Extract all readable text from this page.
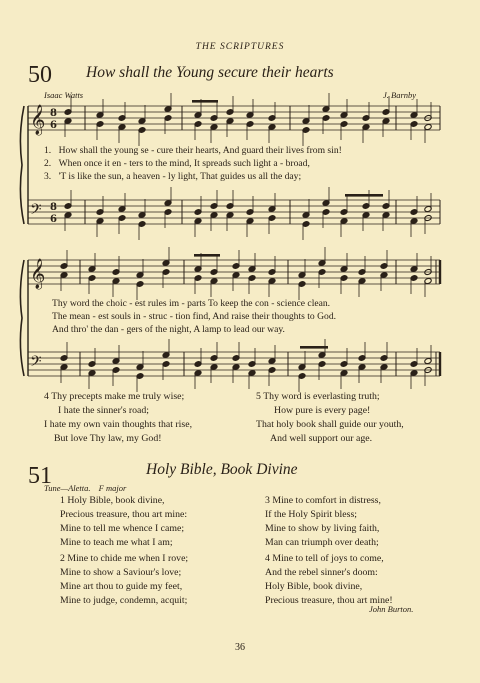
THE SCRIPTURES
50 How shall the Young secure their hearts
Isaac Watts	J. Barnby
𝄞
𝄞
𝄢
𝄢
8
6
8
6
1. How shall the young se - cure their hearts, And guard their lives from sin!
2. When once it en - ters to the mind, It spreads such light a - broad,
3. 'T is like the sun, a heaven - ly light, That guides us all the day;
Thy word the choic - est rules im - parts To keep the con - science clean.
The mean - est souls in - struc - tion find, And raise their thoughts to God.
And thro' the dan - gers of the night, A lamp to lead our way.
4 Thy precepts make me truly wise;
I hate the sinner's road;
I hate my own vain thoughts that rise,
But love Thy law, my God!
5 Thy word is everlasting truth;
How pure is every page!
That holy book shall guide our youth,
And well support our age.
51	Holy Bible, Book Divine
Tune—Aletta. F major
1 Holy Bible, book divine,
Precious treasure, thou art mine:
Mine to tell me whence I came;
Mine to teach me what I am;
2 Mine to chide me when I rove;
Mine to show a Saviour's love;
Mine art thou to guide my feet,
Mine to judge, condemn, acquit;
3 Mine to comfort in distress,
If the Holy Spirit bless;
Mine to show by living faith,
Man can triumph over death;
4 Mine to tell of joys to come,
And the rebel sinner's doom:
Holy Bible, book divine,
Precious treasure, thou art mine!
John Burton.
36
